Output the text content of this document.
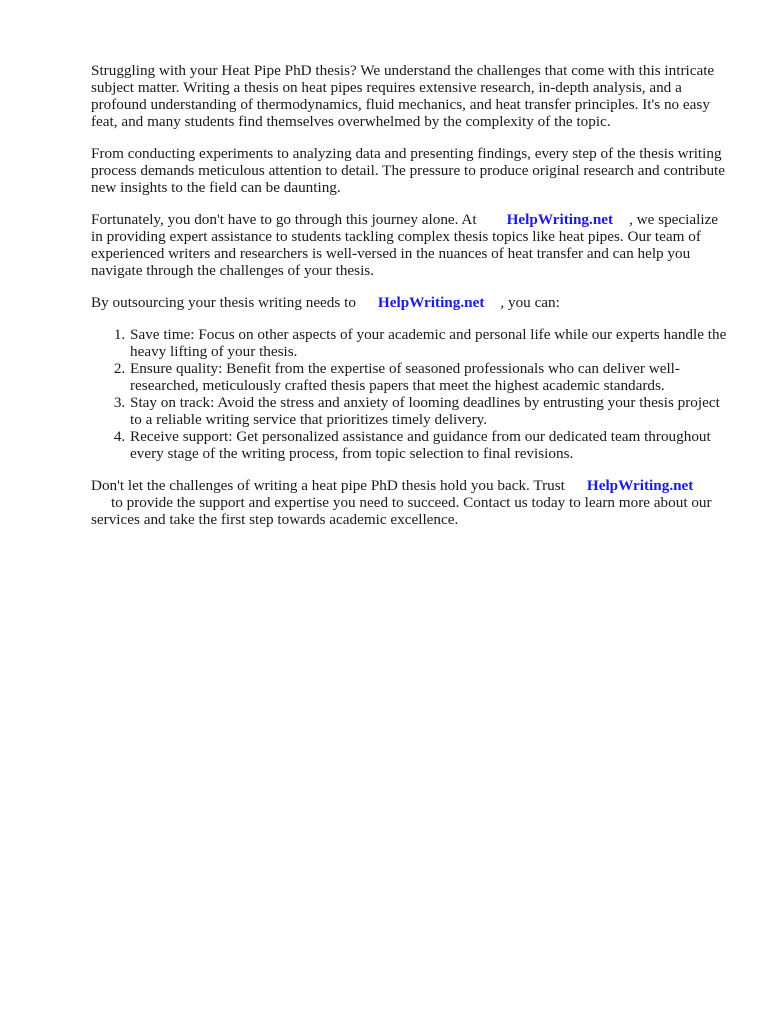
Struggling with your Heat Pipe PhD thesis? We understand the challenges that come with this intricate subject matter. Writing a thesis on heat pipes requires extensive research, in-depth analysis, and a profound understanding of thermodynamics, fluid mechanics, and heat transfer principles. It's no easy feat, and many students find themselves overwhelmed by the complexity of the topic.

From conducting experiments to analyzing data and presenting findings, every step of the thesis writing process demands meticulous attention to detail. The pressure to produce original research and contribute new insights to the field can be daunting.

Fortunately, you don't have to go through this journey alone. At HelpWriting.net , we specialize in providing expert assistance to students tackling complex thesis topics like heat pipes. Our team of experienced writers and researchers is well-versed in the nuances of heat transfer and can help you navigate through the challenges of your thesis.

By outsourcing your thesis writing needs to HelpWriting.net , you can:

1. Save time: Focus on other aspects of your academic and personal life while our experts handle the heavy lifting of your thesis.
2. Ensure quality: Benefit from the expertise of seasoned professionals who can deliver well-researched, meticulously crafted thesis papers that meet the highest academic standards.
3. Stay on track: Avoid the stress and anxiety of looming deadlines by entrusting your thesis project to a reliable writing service that prioritizes timely delivery.
4. Receive support: Get personalized assistance and guidance from our dedicated team throughout every stage of the writing process, from topic selection to final revisions.

Don't let the challenges of writing a heat pipe PhD thesis hold you back. Trust HelpWriting.net
to provide the support and expertise you need to succeed. Contact us today to learn more about our services and take the first step towards academic excellence.
